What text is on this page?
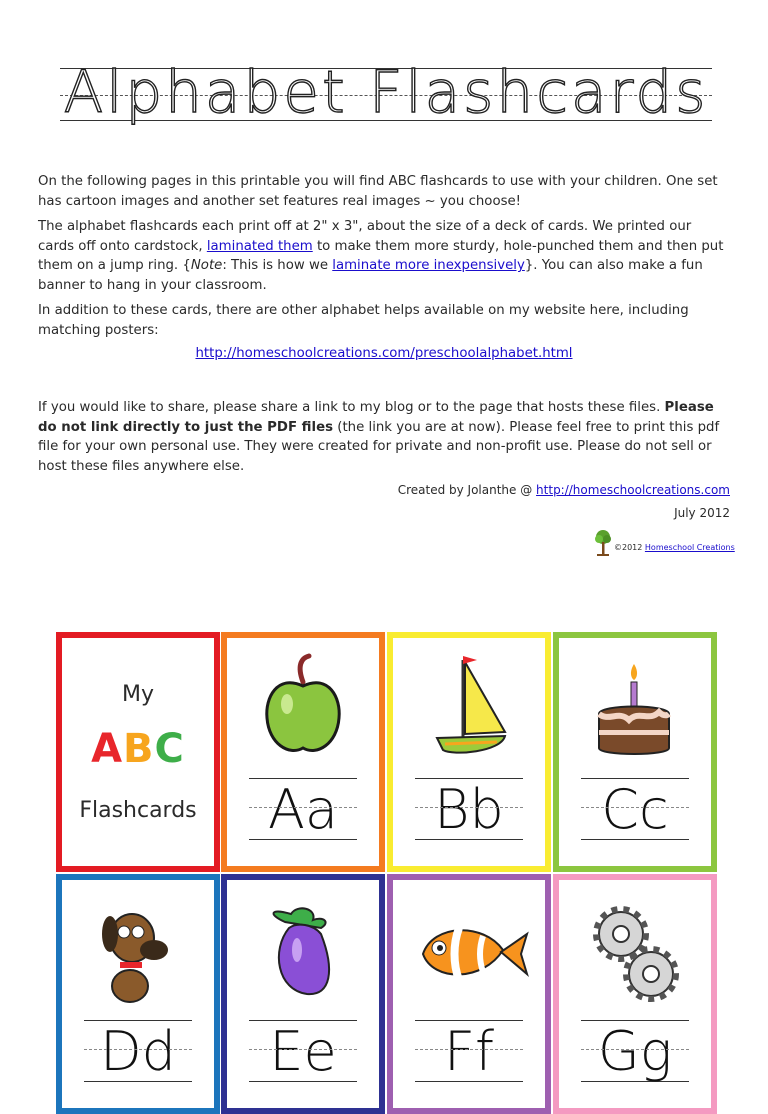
Alphabet Flashcards

On the following pages in this printable you will find ABC flashcards to use with your children. One set has cartoon images and another set features real images ~ you choose!

The alphabet flashcards each print off at 2" x 3", about the size of a deck of cards. We printed our cards off onto cardstock, laminated them to make them more sturdy, hole-punched them and then put them on a jump ring. {Note: This is how we laminate more inexpensively}. You can also make a fun banner to hang in your classroom.

In addition to these cards, there are other alphabet helps available on my website here, including matching posters:

http://homeschoolcreations.com/preschoolalphabet.html

If you would like to share, please share a link to my blog or to the page that hosts these files. Please do not link directly to just the PDF files (the link you are at now). Please feel free to print this pdf file for your own personal use. They were created for private and non-profit use. Please do not sell or host these files anywhere else.

Created by Jolanthe @ http://homeschoolcreations.com
July 2012
©2012 Homeschool Creations
My
ABC
Flashcards	Aa	Bb	Cc
Dd	Ee	Ff	Gg
